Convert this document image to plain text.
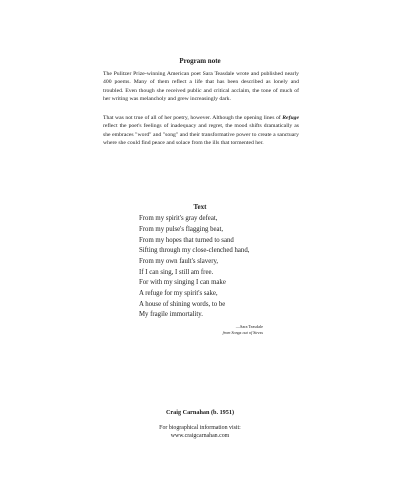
Program note

The Pulitzer Prize-winning American poet Sara Teasdale wrote and published nearly 400 poems. Many of them reflect a life that has been described as lonely and troubled. Even though she received public and critical acclaim, the tone of much of her writing was melancholy and grew increasingly dark.

That was not true of all of her poetry, however. Although the opening lines of Refuge reflect the poet's feelings of inadequacy and regret, the mood shifts dramatically as she embraces "word" and "song" and their transformative power to create a sanctuary where she could find peace and solace from the ills that tormented her.

Text
From my spirit's gray defeat,
From my pulse's flagging beat,
From my hopes that turned to sand
Sifting through my close-clenched hand,
From my own fault's slavery,
If I can sing, I still am free.
For with my singing I can make
A refuge for my spirit's sake,
A house of shining words, to be
My fragile immortality.
—Sara Teasdale
from Songs out of Stress
Craig Carnahan (b. 1951)
For biographical information visit:
www.craigcarnahan.com
